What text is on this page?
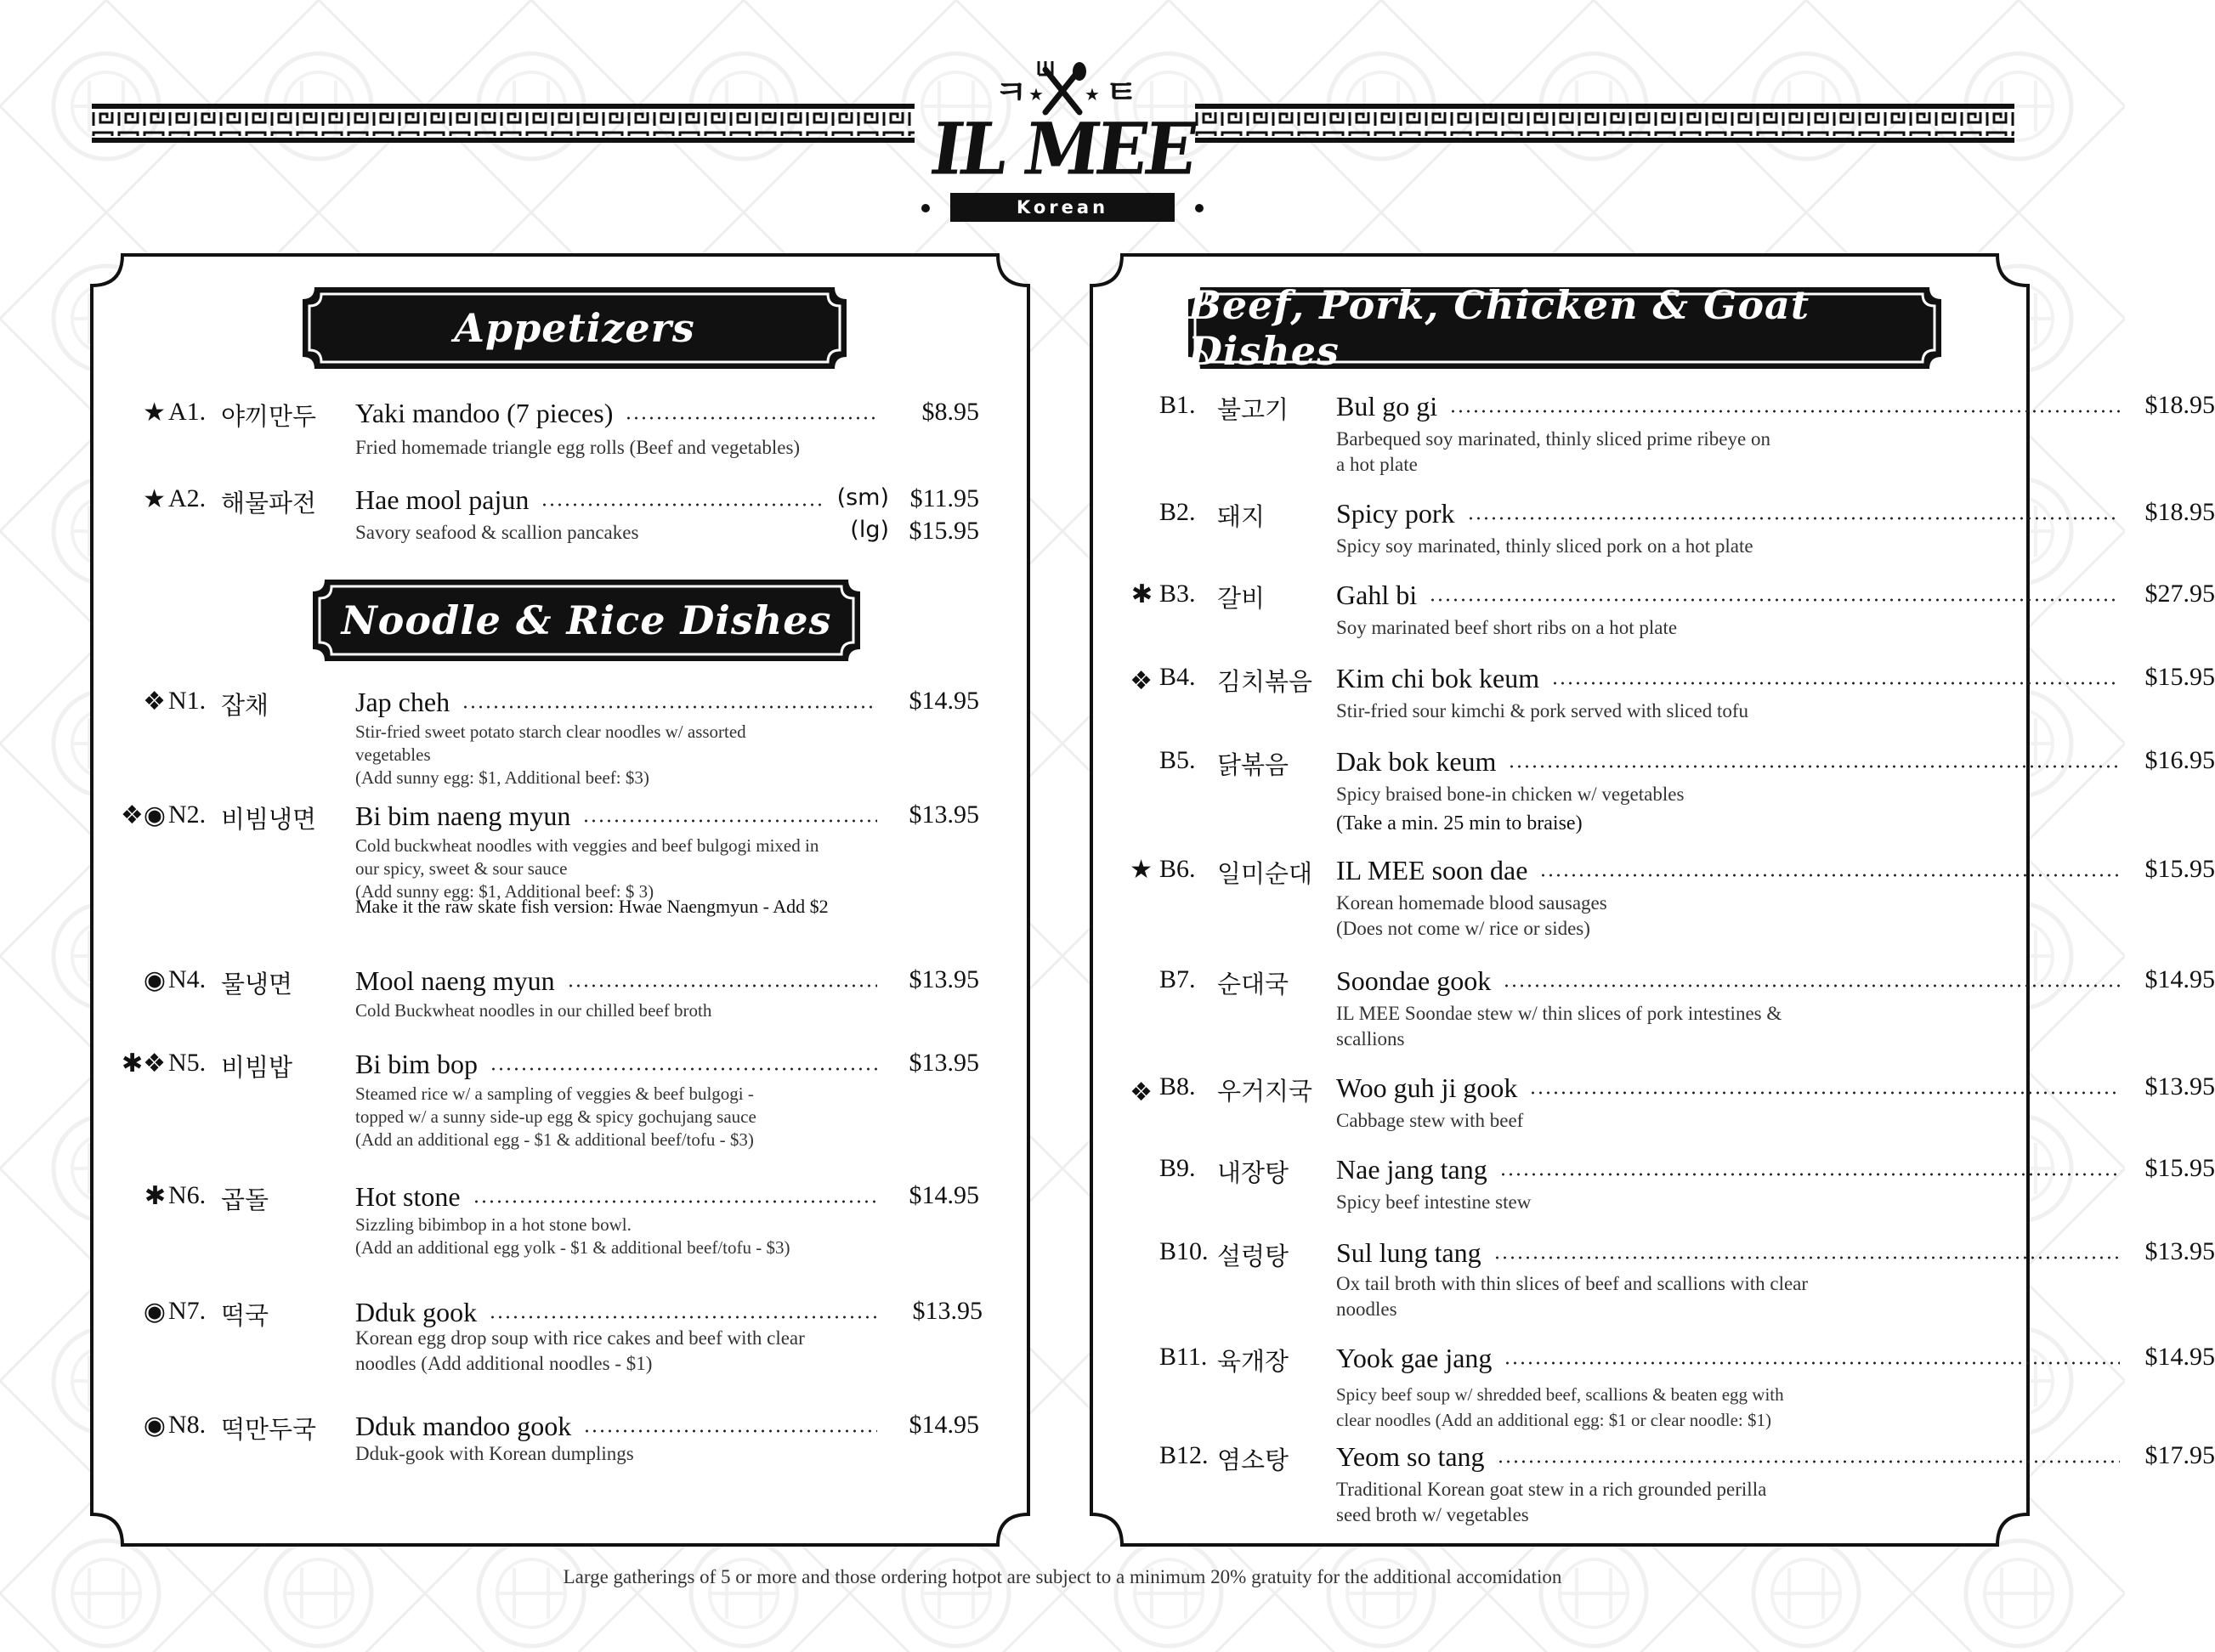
ㅋ ㅌ
★ ★
IL MEE
Korean Restaurant
Appetizers
Noodle & Rice Dishes
Beef, Pork, Chicken & Goat Dishes
★ A1. 야끼만두 Yaki mandoo (7 pieces)	$8.95
Fried homemade triangle egg rolls (Beef and vegetables)
★ A2. 해물파전 Hae mool pajun	(sm) $11.95
Savory seafood & scallion pancakes	(lg) $15.95
❖ N1. 잡채	Jap cheh	$14.95
Stir-fried sweet potato starch clear noodles w/ assorted
vegetables
(Add sunny egg: $1, Additional beef: $3)
❖◉ N2. 비빔냉면 Bi bim naeng myun	$13.95
Cold buckwheat noodles with veggies and beef bulgogi mixed in
our spicy, sweet & sour sauce
(Add sunny egg: $1, Additional beef: $ 3)
Make it the raw skate fish version: Hwae Naengmyun - Add $2
◉ N4. 물냉면 Mool naeng myun	$13.95
Cold Buckwheat noodles in our chilled beef broth
✱❖ N5. 비빔밥 Bi bim bop	$13.95
Steamed rice w/ a sampling of veggies & beef bulgogi -
topped w/ a sunny side-up egg & spicy gochujang sauce
(Add an additional egg - $1 & additional beef/tofu - $3)
✱ N6. 곱돌	Hot stone	$14.95
Sizzling bibimbop in a hot stone bowl.
(Add an additional egg yolk - $1 & additional beef/tofu - $3)
◉ N7. 떡국	Dduk gook	$13.95
Korean egg drop soup with rice cakes and beef with clear
noodles (Add additional noodles - $1)
◉ N8. 떡만두국 Dduk mandoo gook	$14.95
Dduk-gook with Korean dumplings
B1. 불고기 Bul go gi	$18.95
Barbequed soy marinated, thinly sliced prime ribeye on
a hot plate
B2. 돼지	Spicy pork	$18.95
Spicy soy marinated, thinly sliced pork on a hot plate
✱ B3. 갈비	Gahl bi	$27.95
Soy marinated beef short ribs on a hot plate
❖ B4. 김치볶음 Kim chi bok keum	$15.95
Stir-fried sour kimchi & pork served with sliced tofu
B5. 닭볶음 Dak bok keum	$16.95
Spicy braised bone-in chicken w/ vegetables
(Take a min. 25 min to braise)
★ B6. 일미순대 IL MEE soon dae	$15.95
Korean homemade blood sausages
(Does not come w/ rice or sides)
B7. 순대국 Soondae gook	$14.95
IL MEE Soondae stew w/ thin slices of pork intestines &
scallions
❖ B8. 우거지국 Woo guh ji gook	$13.95
Cabbage stew with beef
B9. 내장탕 Nae jang tang	$15.95
Spicy beef intestine stew
B10. 설렁탕 Sul lung tang	$13.95
Ox tail broth with thin slices of beef and scallions with clear
noodles
B11. 육개장 Yook gae jang	$14.95
Spicy beef soup w/ shredded beef, scallions & beaten egg with
clear noodles (Add an additional egg: $1 or clear noodle: $1)
B12. 염소탕 Yeom so tang	$17.95
Traditional Korean goat stew in a rich grounded perilla
seed broth w/ vegetables
Large gatherings of 5 or more and those ordering hotpot are subject to a minimum 20% gratuity for the additional accomidation
